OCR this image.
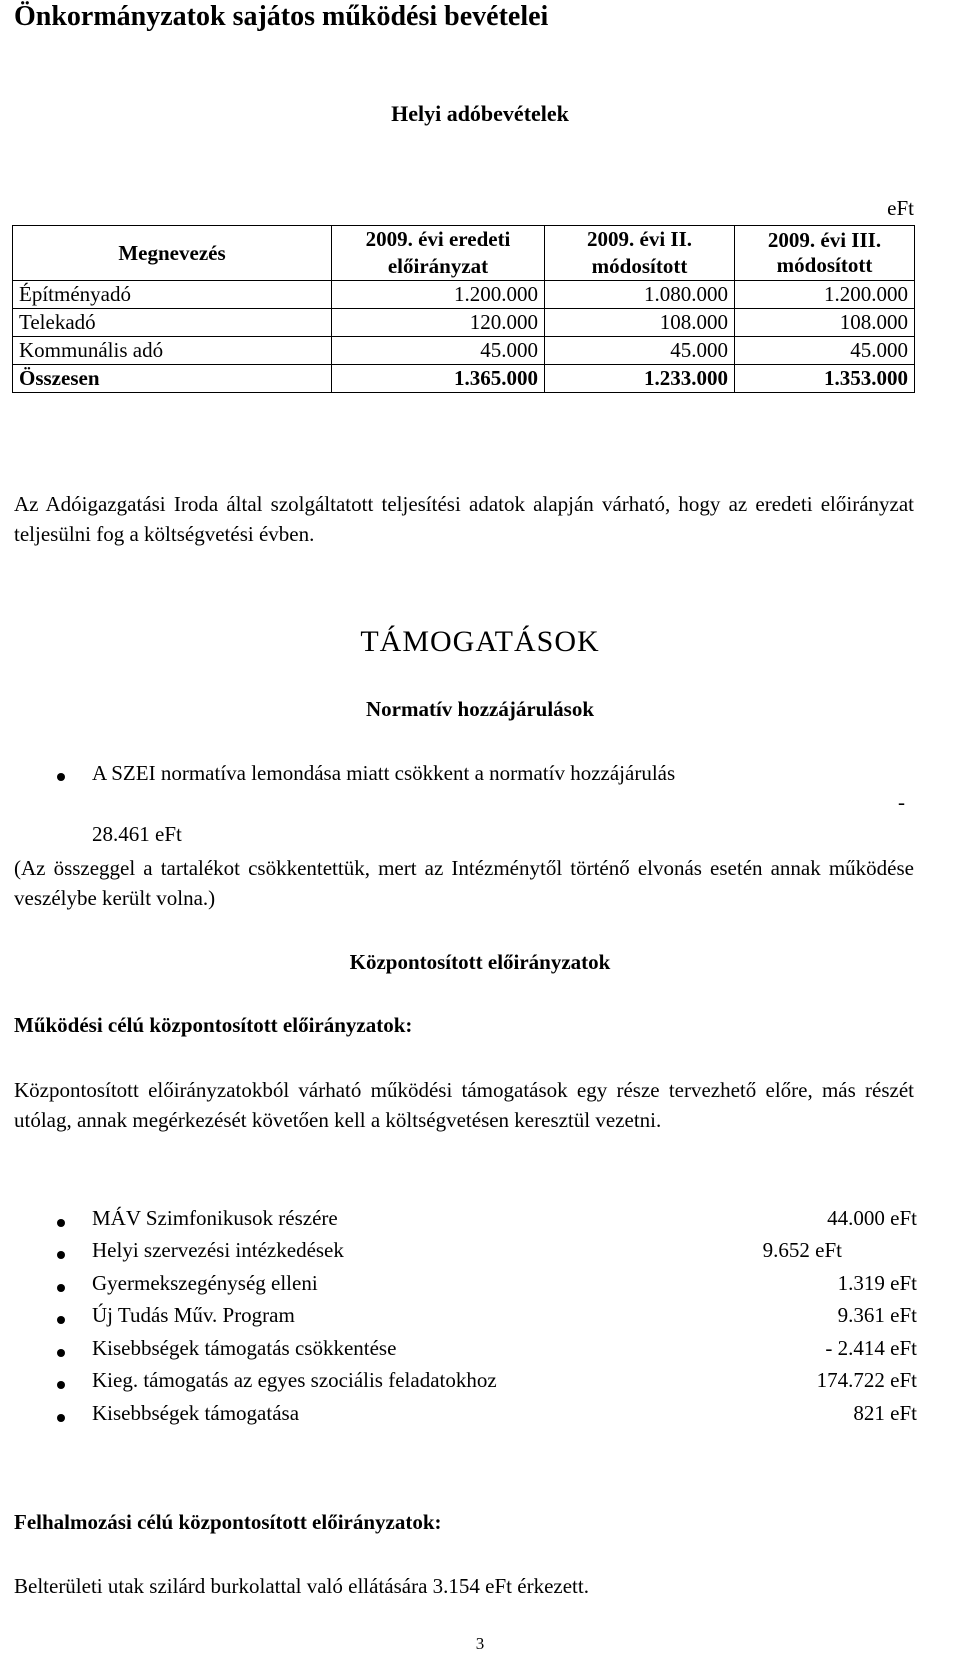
Önkormányzatok sajátos működési bevételei
Helyi adóbevételek
eFt
Megnevezés	2009. évi eredeti előirányzat	2009. évi II. módosított	2009. évi III. módosított
Építményadó	1.200.000	1.080.000	1.200.000
Telekadó	120.000	108.000	108.000
Kommunális adó	45.000	45.000	45.000
Összesen	1.365.000	1.233.000	1.353.000
Az Adóigazgatási Iroda által szolgáltatott teljesítési adatok alapján várható, hogy az eredeti előirányzat teljesülni fog a költségvetési évben.
TÁMOGATÁSOK
Normatív hozzájárulások
A SZEI normatíva lemondása miatt csökkent a normatív hozzájárulás
-
28.461 eFt
(Az összeggel a tartalékot csökkentettük, mert az Intézménytől történő elvonás esetén annak működése veszélybe került volna.)
Központosított előirányzatok
Működési célú központosított előirányzatok:
Központosított előirányzatokból várható működési támogatások egy része tervezhető előre, más részét utólag, annak megérkezését követően kell a költségvetésen keresztül vezetni.
MÁV Szimfonikusok részére	44.000 eFt
Helyi szervezési intézkedések	9.652 eFt
Gyermekszegénység elleni	1.319 eFt
Új Tudás Műv. Program	9.361 eFt
Kisebbségek támogatás csökkentése	- 2.414 eFt
Kieg. támogatás az egyes szociális feladatokhoz	174.722 eFt
Kisebbségek támogatása	821 eFt
Felhalmozási célú központosított előirányzatok:
Belterületi utak szilárd burkolattal való ellátására 3.154 eFt érkezett.
3
